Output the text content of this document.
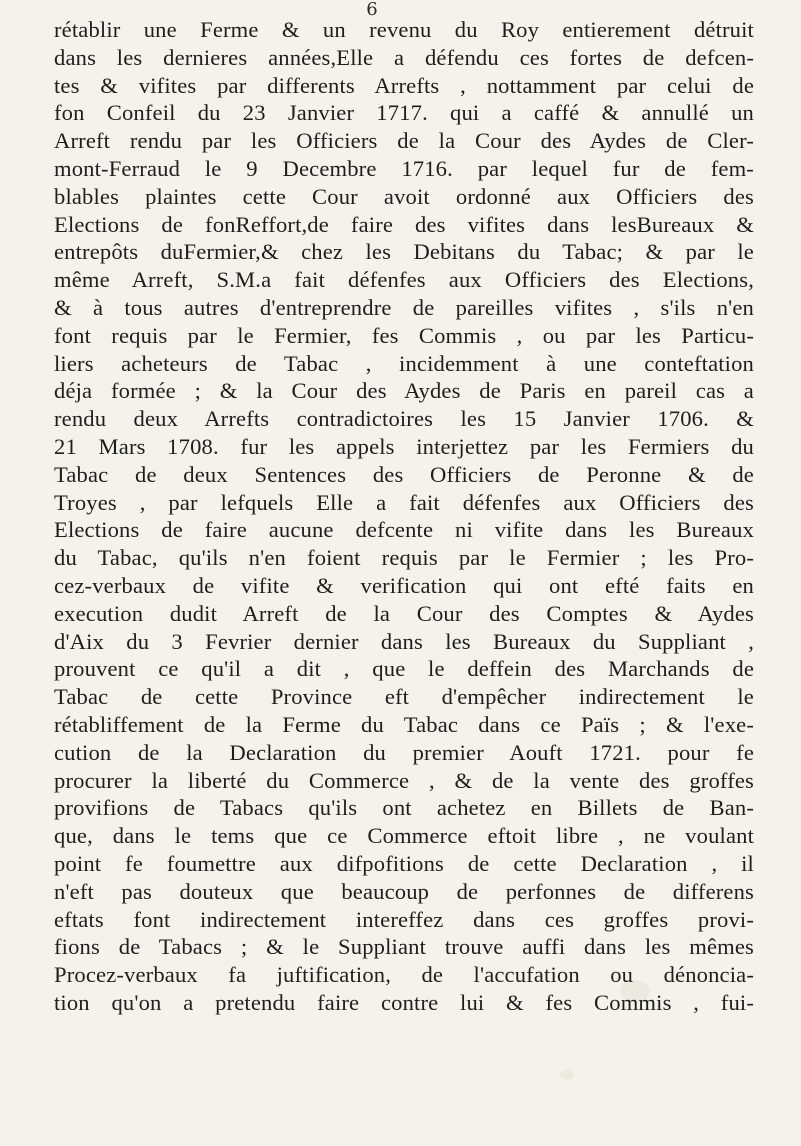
6
rétablir une Ferme & un revenu du Roy entierement détruit
dans les dernieres années,Elle a défendu ces fortes de defcen-
tes & vifites par differents Arrefts , nottamment par celui de
fon Confeil du 23 Janvier 1717. qui a caffé & annullé un
Arreft rendu par les Officiers de la Cour des Aydes de Cler-
mont-Ferraud le 9 Decembre 1716. par lequel fur de fem-
blables plaintes cette Cour avoit ordonné aux Officiers des
Elections de fonReffort,de faire des vifites dans lesBureaux &
entrepôts duFermier,& chez les Debitans du Tabac; & par le
même Arreft, S.M.a fait défenfes aux Officiers des Elections,
& à tous autres d'entreprendre de pareilles vifites , s'ils n'en
font requis par le Fermier, fes Commis , ou par les Particu-
liers acheteurs de Tabac , incidemment à une conteftation
déja formée ; & la Cour des Aydes de Paris en pareil cas a
rendu deux Arrefts contradictoires les 15 Janvier 1706. &
21 Mars 1708. fur les appels interjettez par les Fermiers du
Tabac de deux Sentences des Officiers de Peronne & de
Troyes , par lefquels Elle a fait défenfes aux Officiers des
Elections de faire aucune defcente ni vifite dans les Bureaux
du Tabac, qu'ils n'en foient requis par le Fermier ; les Pro-
cez-verbaux de vifite & verification qui ont efté faits en
execution dudit Arreft de la Cour des Comptes & Aydes
d'Aix du 3 Fevrier dernier dans les Bureaux du Suppliant ,
prouvent ce qu'il a dit , que le deffein des Marchands de
Tabac de cette Province eft d'empêcher indirectement le
rétabliffement de la Ferme du Tabac dans ce Païs ; & l'exe-
cution de la Declaration du premier Aouft 1721. pour fe
procurer la liberté du Commerce , & de la vente des groffes
provifions de Tabacs qu'ils ont achetez en Billets de Ban-
que, dans le tems que ce Commerce eftoit libre , ne voulant
point fe foumettre aux difpofitions de cette Declaration , il
n'eft pas douteux que beaucoup de perfonnes de differens
eftats font indirectement intereffez dans ces groffes provi-
fions de Tabacs ; & le Suppliant trouve auffi dans les mêmes
Procez-verbaux fa juftification, de l'accufation ou dénoncia-
tion qu'on a pretendu faire contre lui & fes Commis , fui-
